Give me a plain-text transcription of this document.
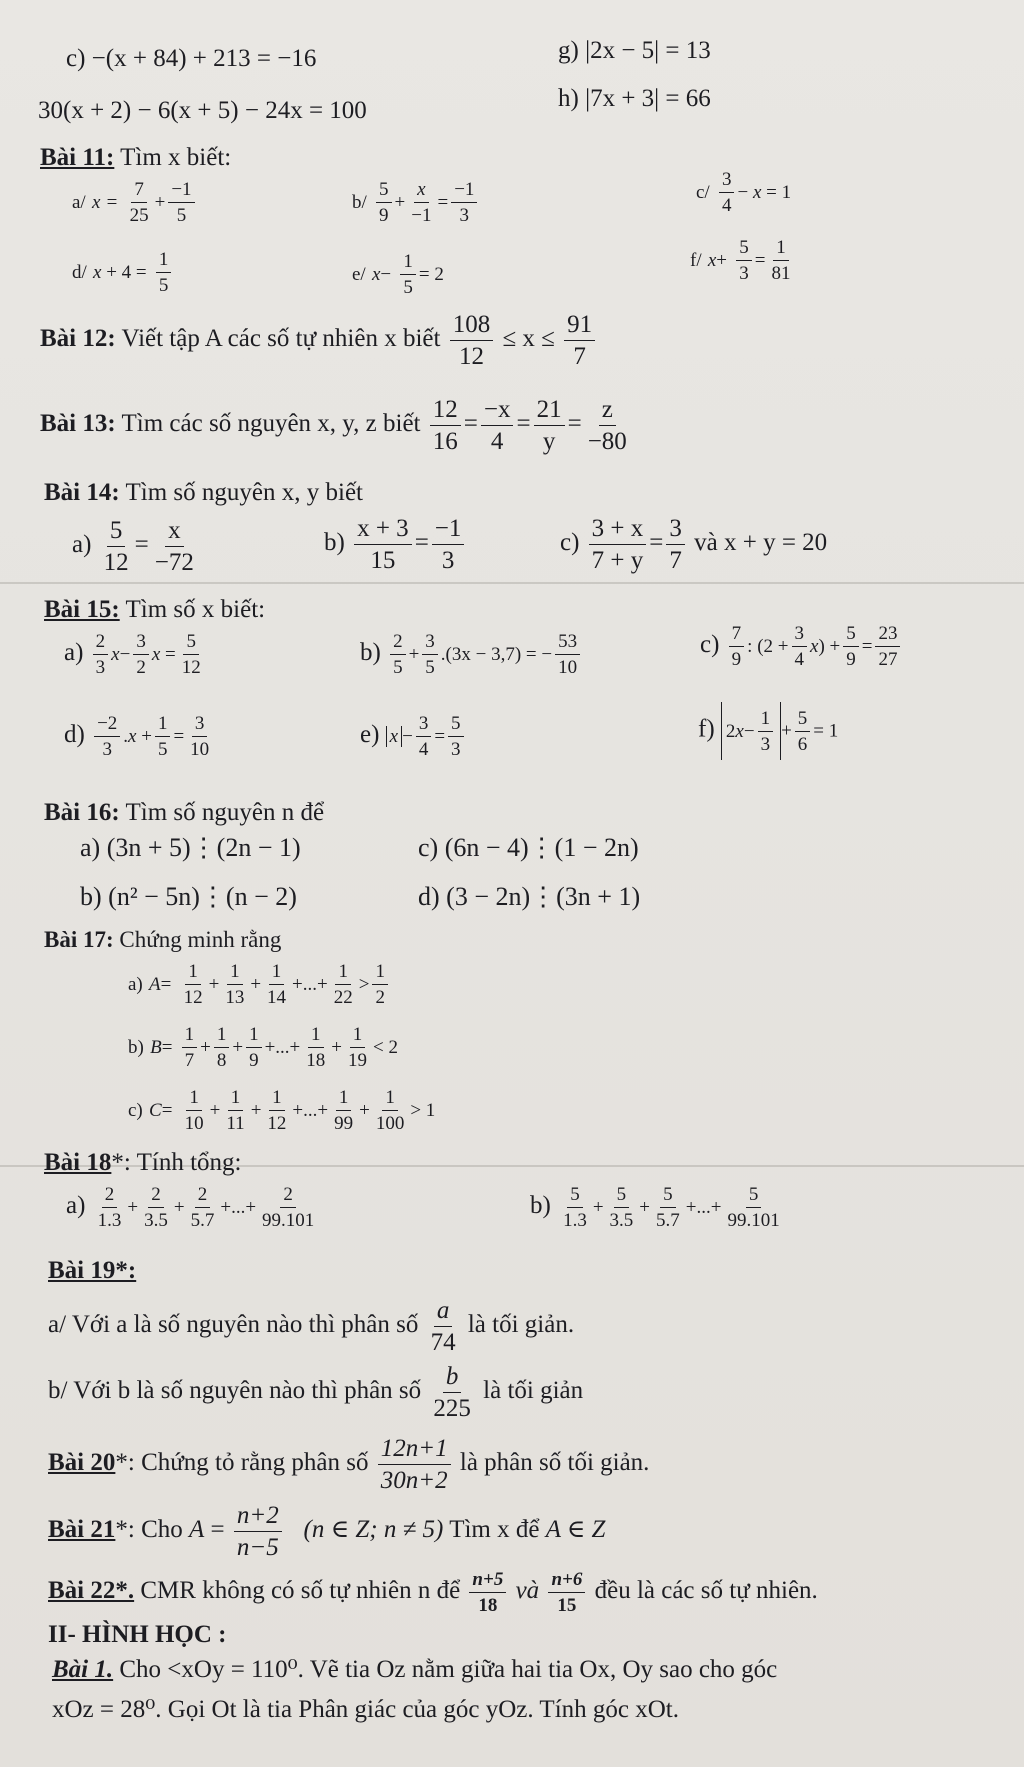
c) −(x + 84) + 213 = −16	g) |2x − 5| = 13
30(x + 2) − 6(x + 5) − 24x = 100	h) |7x + 3| = 66
Bài 11: Tìm x biết:
a/ $x = \frac{7}{25} + \frac{-1}{5}$	$b/ \frac{5}{9} + \frac{x}{-1} = \frac{-1}{3}$	$c/ \frac{3}{4} - x = 1$
d/ $x + 4 = \frac{1}{5}$	e/ $x- \frac{1}{5} = 2$
f/ $x+ \frac{5}{3} = \frac{1}{81}$
Bài 12: Viết tập A các số tự nhiên x biết $\frac{108}{12} \le x \le \frac{91}{7}$
Bài 13: Tìm các số nguyên x, y, z biết $\frac{12}{16} = \frac{-x}{4} = \frac{21}{y} = \frac{z}{-80}$
Bài 14: Tìm số nguyên x, y biết
$a) \frac{5}{12} = \frac{x}{-72}$	$b) \frac{x + 3}{15} = \frac{-1}{3}$	$c) \frac{3 + x}{7 + y} = \frac{3}{7}$ và x + y = 20
Bài 15: Tìm số x biết:
$a) \frac{2}{3} x- \frac{3}{2}$ $x = \frac{5}{12}$	$b) \frac{2}{5} + \frac{3}{5} .(3x - 3,7)$ = − $\frac{53}{10}$	$c) \frac{7}{9}$ : $(2 + \frac{3}{4} x) + \frac{5}{9} = \frac{23}{27}$
$d) \frac{-2}{3} .x + \frac{1}{5} = \frac{3}{10}$	e) $x - \frac{3}{4} = \frac{5}{3}$	f) 2 x −
1
3
+ $\frac{5}{6} = 1$
Bài 16: Tìm số nguyên n để
a) (3n + 5)⋮(2n − 1)	c) (6n − 4)⋮(1 − 2n)
b) (n² − 5n)⋮(n − 2)	d) (3 − 2n)⋮(3n + 1)
Bài 17: Chứng minh rằng
a) $A= \frac{1}{12} + \frac{1}{13} + \frac{1}{14}$ +...+ $\frac{1}{22} > \frac{1}{2}$
b) $B= \frac{1}{7} + \frac{1}{8} + \frac{1}{9}$ +...+ $\frac{1}{18} + \frac{1}{19} < 2$
c) $C= \frac{1}{10} + \frac{1}{11} + \frac{1}{12}$ +...+ $\frac{1}{99} + \frac{1}{100} > 1$
Bài 18*: Tính tổng:
$a) \frac{2}{1.3} + \frac{2}{3.5} + \frac{2}{5.7}$ +...+ $\frac{2}{99.101}$	$b) \frac{5}{1.3} + \frac{5}{3.5} + \frac{5}{5.7}$ +...+ $\frac{5}{99.101}$
Bài 19*:
a/ Với a là số nguyên nào thì phân số $\frac{a}{74}$ là tối giản.
b/ Với b là số nguyên nào thì phân số $\frac{b}{225}$ là tối giản
Bài 20*: Chứng tỏ rằng phân số $\frac{12n+1}{30n+2}$ là phân số tối giản.
Bài 21*: Cho $A = \frac{n+2}{n-5} (n$ ∈ Z; n ≠ 5) Tìm x để A ∈ Z
Bài 22*. CMR không có số tự nhiên n để $\frac{n+5}{18}$ và $\frac{n+6}{15}$ đều là các số tự nhiên.
II- HÌNH HỌC :
Bài 1. Cho <xOy = 110⁰. Vẽ tia Oz nằm giữa hai tia Ox, Oy sao cho góc
xOz = 28⁰. Gọi Ot là tia Phân giác của góc yOz. Tính góc xOt.
